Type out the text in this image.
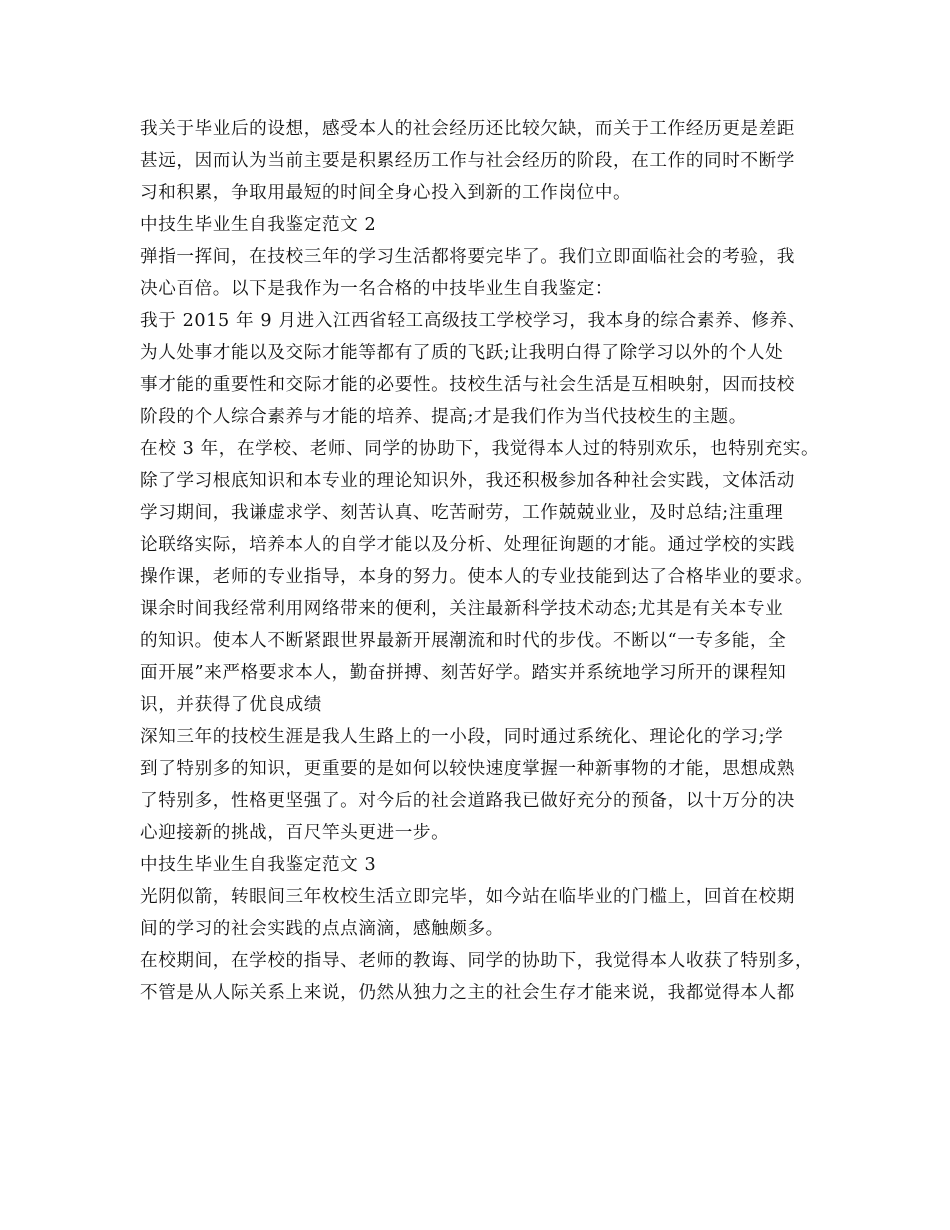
我关于毕业后的设想，感受本人的社会经历还比较欠缺，而关于工作经历更是差距
甚远，因而认为当前主要是积累经历工作与社会经历的阶段，在工作的同时不断学
习和积累，争取用最短的时间全身心投入到新的工作岗位中。
中技生毕业生自我鉴定范文 2
弹指一挥间，在技校三年的学习生活都将要完毕了。我们立即面临社会的考验，我
决心百倍。以下是我作为一名合格的中技毕业生自我鉴定：
我于 2015 年 9 月进入江西省轻工高级技工学校学习，我本身的综合素养、修养、
为人处事才能以及交际才能等都有了质的飞跃;让我明白得了除学习以外的个人处
事才能的重要性和交际才能的必要性。技校生活与社会生活是互相映射，因而技校
阶段的个人综合素养与才能的培养、提高;才是我们作为当代技校生的主题。
在校 3 年，在学校、老师、同学的协助下，我觉得本人过的特别欢乐，也特别充实。
除了学习根底知识和本专业的理论知识外，我还积极参加各种社会实践，文体活动
学习期间，我谦虚求学、刻苦认真、吃苦耐劳，工作兢兢业业，及时总结;注重理
论联络实际，培养本人的自学才能以及分析、处理征询题的才能。通过学校的实践
操作课，老师的专业指导，本身的努力。使本人的专业技能到达了合格毕业的要求。
课余时间我经常利用网络带来的便利，关注最新科学技术动态;尤其是有关本专业
的知识。使本人不断紧跟世界最新开展潮流和时代的步伐。不断以“一专多能，全
面开展”来严格要求本人，勤奋拼搏、刻苦好学。踏实并系统地学习所开的课程知
识，并获得了优良成绩
深知三年的技校生涯是我人生路上的一小段，同时通过系统化、理论化的学习;学
到了特别多的知识，更重要的是如何以较快速度掌握一种新事物的才能，思想成熟
了特别多，性格更坚强了。对今后的社会道路我已做好充分的预备，以十万分的决
心迎接新的挑战，百尺竿头更进一步。
中技生毕业生自我鉴定范文 3
光阴似箭，转眼间三年枚校生活立即完毕，如今站在临毕业的门槛上，回首在校期
间的学习的社会实践的点点滴滴，感触颇多。
在校期间，在学校的指导、老师的教诲、同学的协助下，我觉得本人收获了特别多，
不管是从人际关系上来说，仍然从独力之主的社会生存才能来说，我都觉得本人都
